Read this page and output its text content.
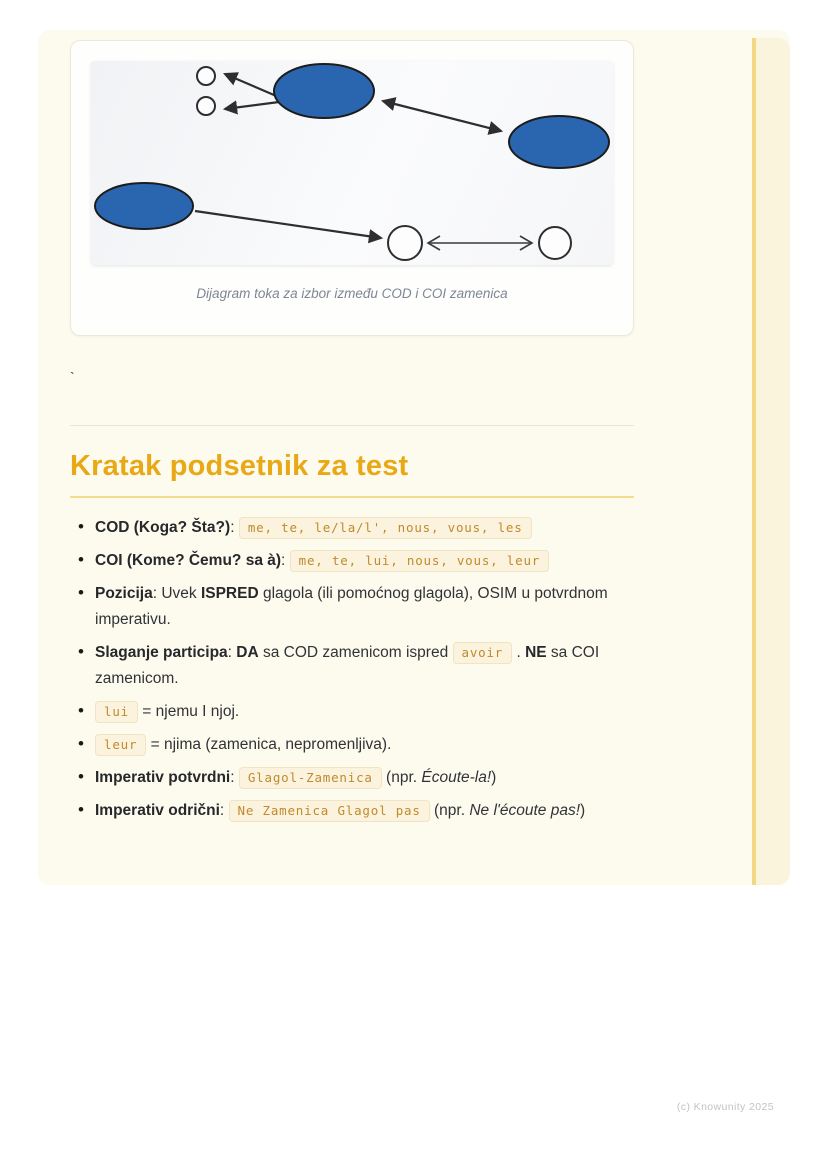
Dijagram toka za izbor između COD i COI zamenica
`
Kratak podsetnik za test
• COD (Koga? Šta?): me, te, le/la/l', nous, vous, les
• COI (Kome? Čemu? sa à): me, te, lui, nous, vous, leur
• Pozicija: Uvek ISPRED glagola (ili pomoćnog glagola), OSIM u potvrdnom imperativu.
• Slaganje participa: DA sa COD zamenicom ispred avoir . NE sa COI zamenicom.
• lui = njemu I njoj.
• leur = njima (zamenica, nepromenljiva).
• Imperativ potvrdni: Glagol-Zamenica (npr. Écoute-la!)
• Imperativ odrični: Ne Zamenica Glagol pas (npr. Ne l'écoute pas!)
(c) Knowunity 2025
